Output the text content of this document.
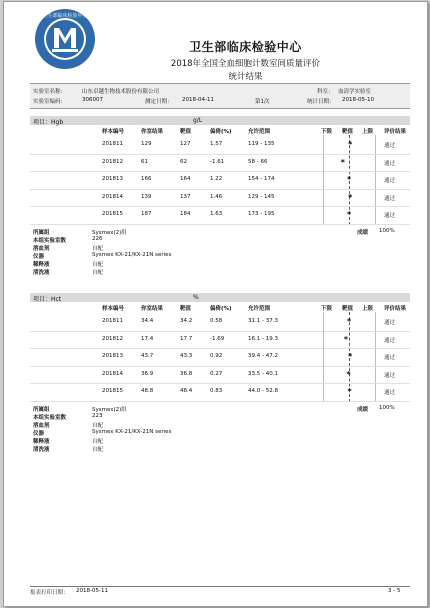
卫生部临床检验中心
卫生部临床检验中心
2018年全国全血细胞计数室间质量评价
统计结果
实验室名称：	山东卓越生物技术股份有限公司	科室： 血清学实验室
实验室编码：	306007	测定日期： 2018-04-11	第1次	统计日期： 2018-05-10
项目：Hgb	g/L
样本编号	你室结果	靶值	偏倚(%)	允许范围	下限 靶值 上限 评价结果
201811	129	127	1.57	119 - 135	通过
*
201812	61	62	-1.61	58 - 66	通过
*
201813	166	164	1.22	154 - 174	通过
*
201814	139	137	1.46	129 - 145	通过
*
201815	187	184	1.63	173 - 195	通过
*
所属组	Sysmex(2)组
本组实验室数	226
溶血剂	自配
仪器	Sysmex KX-21/KX-21N series
稀释液	自配
清洗液	自配
成绩 100%
项目：Hct	%
样本编号	你室结果	靶值	偏倚(%)	允许范围	下限 靶值 上限 评价结果
201811	34.4	34.2	0.58	31.1 - 37.3	通过
*
201812	17.4	17.7	-1.69	16.1 - 19.3	通过
*
201813	43.7	43.3	0.92	39.4 - 47.2	通过
*
201814	36.9	36.8	0.27	33.5 - 40.1	通过
*
201815	48.8	48.4	0.83	44.0 - 52.8	通过
*
所属组	Sysmex(2)组
本组实验室数	223
溶血剂	自配
仪器	Sysmex KX-21/KX-21N series
稀释液	自配
清洗液	自配
成绩 100%
报表打印日期： 2018-05-11	3 - 5
